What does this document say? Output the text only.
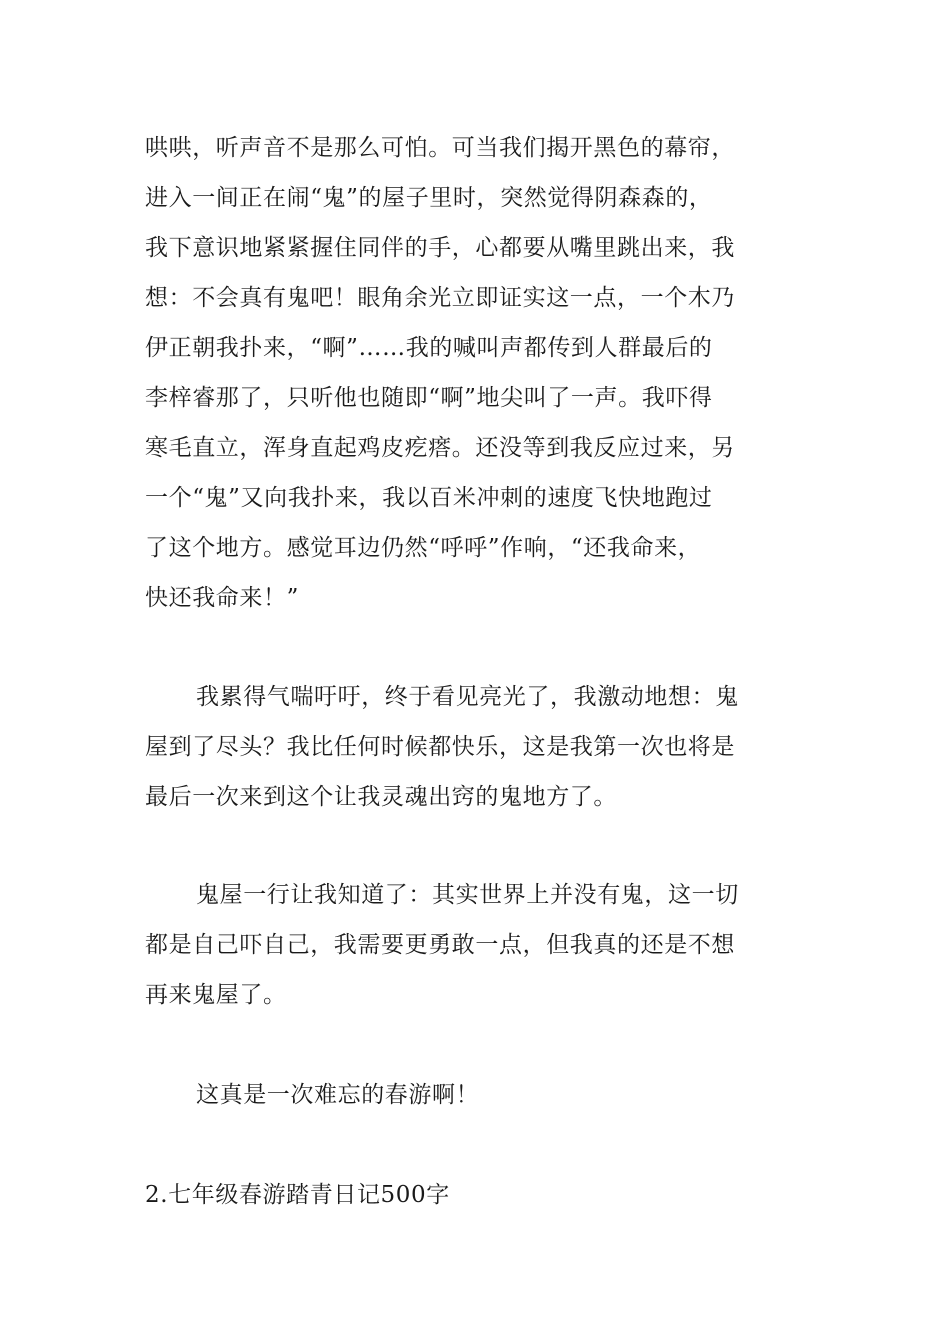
哄哄，听声音不是那么可怕。可当我们揭开黑色的幕帘，

进入一间正在闹“鬼”的屋子里时，突然觉得阴森森的，

我下意识地紧紧握住同伴的手，心都要从嘴里跳出来，我

想：不会真有鬼吧！眼角余光立即证实这一点，一个木乃

伊正朝我扑来，“啊”……我的喊叫声都传到人群最后的

李梓睿那了，只听他也随即“啊”地尖叫了一声。我吓得

寒毛直立，浑身直起鸡皮疙瘩。还没等到我反应过来，另

一个“鬼”又向我扑来，我以百米冲刺的速度飞快地跑过

了这个地方。感觉耳边仍然“呼呼”作响，“还我命来，

快还我命来！”

我累得气喘吁吁，终于看见亮光了，我激动地想：鬼

屋到了尽头？我比任何时候都快乐，这是我第一次也将是

最后一次来到这个让我灵魂出窍的鬼地方了。

鬼屋一行让我知道了：其实世界上并没有鬼，这一切

都是自己吓自己，我需要更勇敢一点，但我真的还是不想

再来鬼屋了。

这真是一次难忘的春游啊！

2.七年级春游踏青日记500字
